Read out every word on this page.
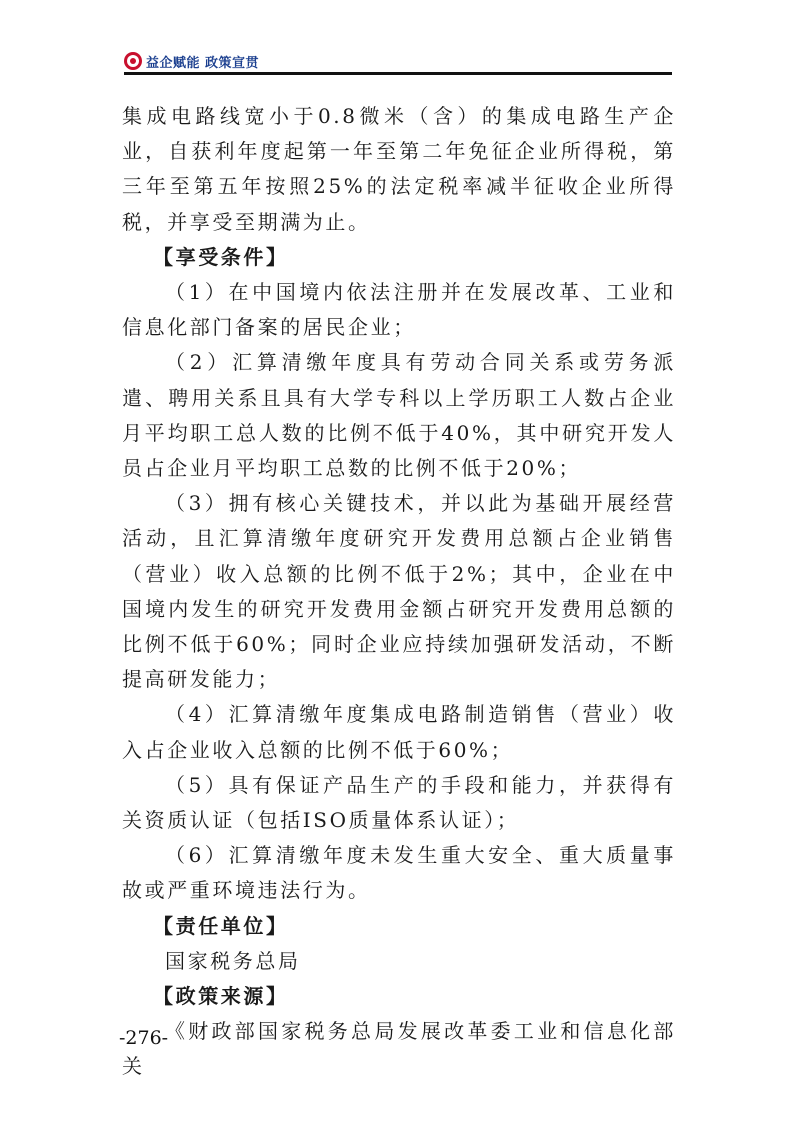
益企赋能 政策宣贯

集成电路线宽小于0.8微米（含）的集成电路生产企业，自获利年度起第一年至第二年免征企业所得税，第三年至第五年按照25%的法定税率减半征收企业所得税，并享受至期满为止。

【享受条件】

（1）在中国境内依法注册并在发展改革、工业和信息化部门备案的居民企业；

（2）汇算清缴年度具有劳动合同关系或劳务派遣、聘用关系且具有大学专科以上学历职工人数占企业月平均职工总人数的比例不低于40%，其中研究开发人员占企业月平均职工总数的比例不低于20%；

（3）拥有核心关键技术，并以此为基础开展经营活动，且汇算清缴年度研究开发费用总额占企业销售（营业）收入总额的比例不低于2%；其中，企业在中国境内发生的研究开发费用金额占研究开发费用总额的比例不低于60%；同时企业应持续加强研发活动，不断提高研发能力；

（4）汇算清缴年度集成电路制造销售（营业）收入占企业收入总额的比例不低于60%；

（5）具有保证产品生产的手段和能力，并获得有关资质认证（包括ISO质量体系认证）；

（6）汇算清缴年度未发生重大安全、重大质量事故或严重环境违法行为。

【责任单位】

国家税务总局

【政策来源】

《财政部国家税务总局发展改革委工业和信息化部关

-276-
